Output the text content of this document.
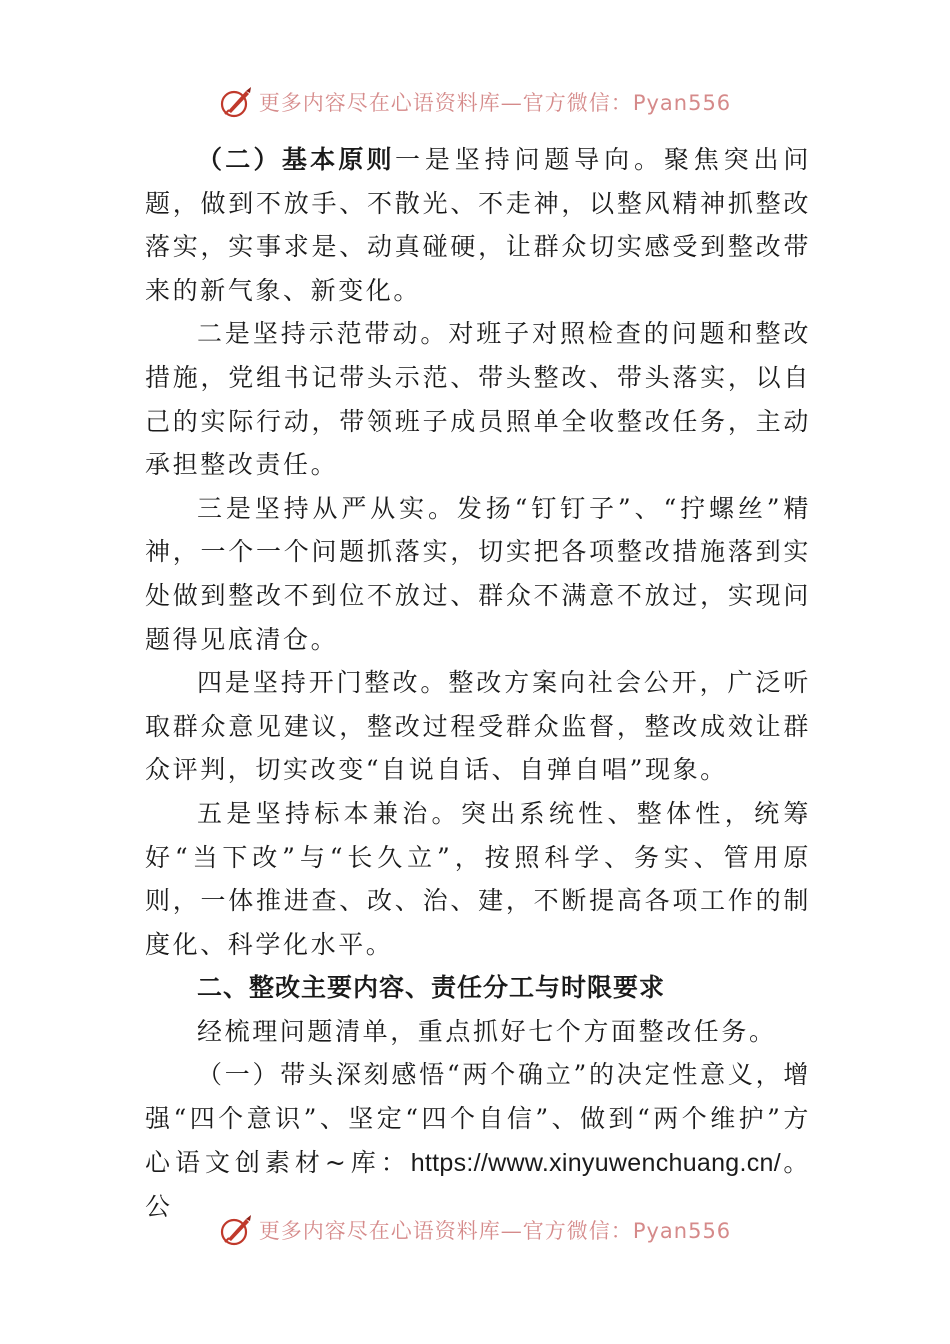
更多内容尽在心语资料库—官方微信：Pyan556

（二）基本原则一是坚持问题导向。聚焦突出问题，做到不放手、不散光、不走神，以整风精神抓整改落实，实事求是、动真碰硬，让群众切实感受到整改带来的新气象、新变化。

二是坚持示范带动。对班子对照检查的问题和整改措施，党组书记带头示范、带头整改、带头落实，以自己的实际行动，带领班子成员照单全收整改任务，主动承担整改责任。

三是坚持从严从实。发扬“钉钉子”、“拧螺丝”精神，一个一个问题抓落实，切实把各项整改措施落到实处做到整改不到位不放过、群众不满意不放过，实现问题得见底清仓。

四是坚持开门整改。整改方案向社会公开，广泛听取群众意见建议，整改过程受群众监督，整改成效让群众评判，切实改变“自说自话、自弹自唱”现象。

五是坚持标本兼治。突出系统性、整体性，统筹好“当下改”与“长久立”，按照科学、务实、管用原则，一体推进查、改、治、建，不断提高各项工作的制度化、科学化水平。

二、整改主要内容、责任分工与时限要求

经梳理问题清单，重点抓好七个方面整改任务。

（一）带头深刻感悟“两个确立”的决定性意义，增强“四个意识”、坚定“四个自信”、做到“两个维护”方心语文创素材~库：https://www.xinyuwenchuang.cn/。公

更多内容尽在心语资料库—官方微信：Pyan556
